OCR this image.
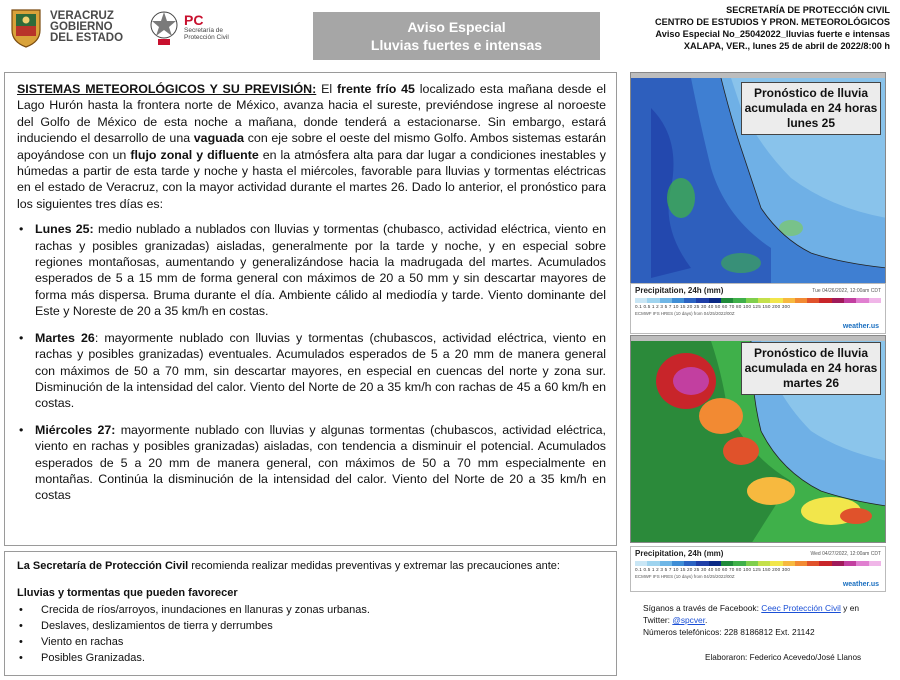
VERACRUZ
GOBIERNO
DEL ESTADO
PC
Secretaría de
Protección Civil
Aviso Especial
Lluvias fuertes e intensas
SECRETARÍA DE PROTECCIÓN CIVIL
CENTRO DE ESTUDIOS Y PRON. METEOROLÓGICOS
Aviso Especial No_25042022_lluvias fuerte e intensas
XALAPA, VER., lunes 25 de abril de 2022/8:00 h

SISTEMAS METEOROLÓGICOS Y SU PREVISIÓN: El frente frío 45 localizado esta mañana desde el Lago Hurón hasta la frontera norte de México, avanza hacia el sureste, previéndose ingrese al noroeste del Golfo de México de esta noche a mañana, donde tenderá a estacionarse. Sin embargo, estará induciendo el desarrollo de una vaguada con eje sobre el oeste del mismo Golfo. Ambos sistemas estarán apoyándose con un flujo zonal y difluente en la atmósfera alta para dar lugar a condiciones inestables y húmedas a partir de esta tarde y noche y hasta el miércoles, favorable para lluvias y tormentas eléctricas en el estado de Veracruz, con la mayor actividad durante el martes 26. Dado lo anterior, el pronóstico para los siguientes tres días es:

• Lunes 25: medio nublado a nublados con lluvias y tormentas (chubasco, actividad eléctrica, viento en rachas y posibles granizadas) aisladas, generalmente por la tarde y noche, y en especial sobre regiones montañosas, aumentando y generalizándose hacia la madrugada del martes. Acumulados esperados de 5 a 15 mm de forma general con máximos de 20 a 50 mm y sin descartar mayores de forma más dispersa. Bruma durante el día. Ambiente cálido al mediodía y tarde. Viento dominante del Este y Noreste de 20 a 35 km/h en costas.
• Martes 26: mayormente nublado con lluvias y tormentas (chubascos, actividad eléctrica, viento en rachas y posibles granizadas) eventuales. Acumulados esperados de 5 a 20 mm de manera general con máximos de 50 a 70 mm, sin descartar mayores, en especial en cuencas del norte y zona sur. Disminución de la intensidad del calor. Viento del Norte de 20 a 35 km/h con rachas de 45 a 60 km/h en costas.
• Miércoles 27: mayormente nublado con lluvias y algunas tormentas (chubascos, actividad eléctrica, viento en rachas y posibles granizadas) aisladas, con tendencia a disminuir el potencial. Acumulados esperados de 5 a 20 mm de manera general, con máximos de 50 a 70 mm especialmente en montañas. Continúa la disminución de la intensidad del calor. Viento del Norte de 20 a 35 km/h en costas
La Secretaría de Protección Civil recomienda realizar medidas preventivas y extremar las precauciones ante:
Lluvias y tormentas que pueden favorecer
• Crecida de ríos/arroyos, inundaciones en llanuras y zonas urbanas.
• Deslaves, deslizamientos de tierra y derrumbes
• Viento en rachas
• Posibles Granizadas.
Pronóstico de lluvia acumulada en 24 horas lunes 25
Precipitation, 24h (mm)	Tue 04/26/2022, 12:00am CDT
0.1 0.5 1 2 3 5 7 10 15 20 25 30 40 50 60 70 80 100 125 150 200 300
ECMWF IFS HRES (10 days) from 04/25/2022/00Z
weather.us
Pronóstico de lluvia acumulada en 24 horas martes 26
Precipitation, 24h (mm)	Wed 04/27/2022, 12:00am CDT
0.1 0.5 1 2 3 5 7 10 15 20 25 30 40 50 60 70 80 100 125 150 200 300
ECMWF IFS HRES (10 days) from 04/25/2022/00Z
weather.us
Síganos a través de Facebook: Ceec Protección Civil y en
Twitter: @spcver.
Números telefónicos: 228 8186812 Ext. 21142
Elaboraron: Federico Acevedo/José Llanos
